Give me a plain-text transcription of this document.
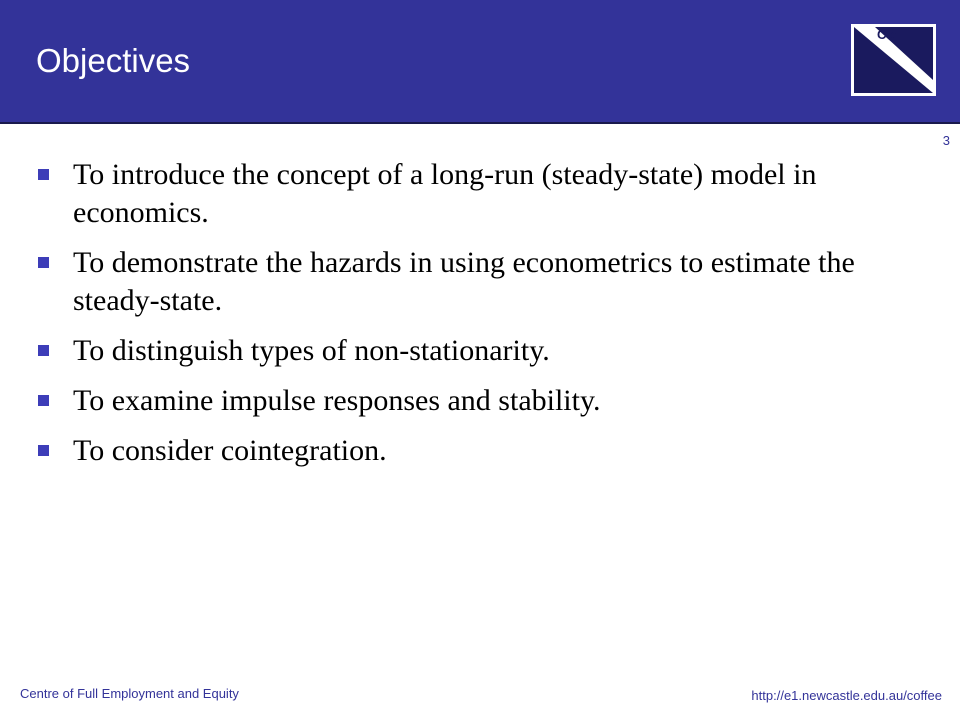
Objectives
CofFEE
3
To introduce the concept of a long-run (steady-state) model in economics.
To demonstrate the hazards in using econometrics to estimate the steady-state.
To distinguish types of non-stationarity.
To examine impulse responses and stability.
To consider cointegration.
Centre of Full Employment and Equity	http://e1.newcastle.edu.au/coffee
